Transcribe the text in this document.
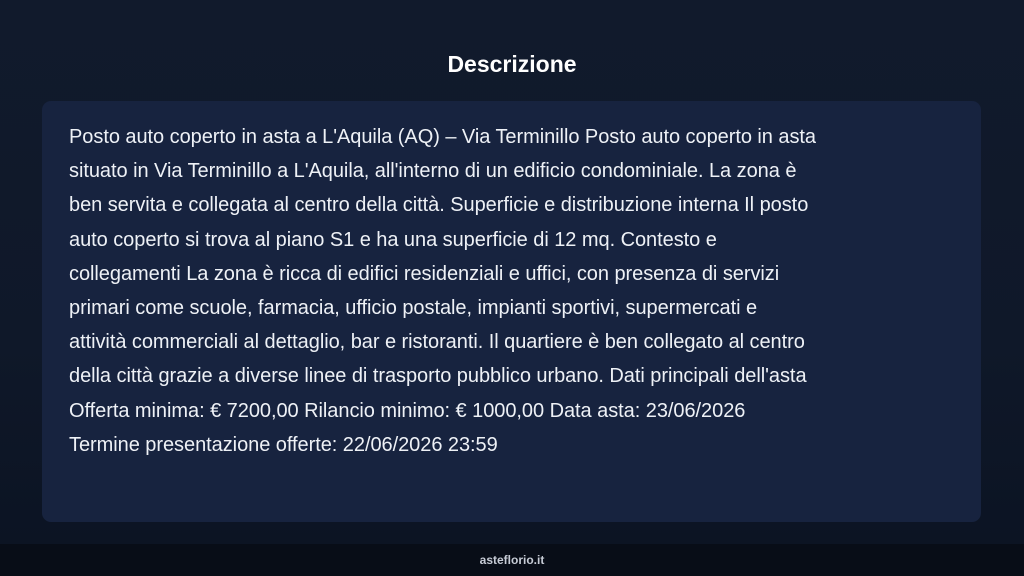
Descrizione

Posto auto coperto in asta a L'Aquila (AQ) – Via Terminillo Posto auto coperto in asta
situato in Via Terminillo a L'Aquila, all'interno di un edificio condominiale. La zona è
ben servita e collegata al centro della città. Superficie e distribuzione interna Il posto
auto coperto si trova al piano S1 e ha una superficie di 12 mq. Contesto e
collegamenti La zona è ricca di edifici residenziali e uffici, con presenza di servizi
primari come scuole, farmacia, ufficio postale, impianti sportivi, supermercati e
attività commerciali al dettaglio, bar e ristoranti. Il quartiere è ben collegato al centro
della città grazie a diverse linee di trasporto pubblico urbano. Dati principali dell'asta
Offerta minima: € 7200,00 Rilancio minimo: € 1000,00 Data asta: 23/06/2026
Termine presentazione offerte: 22/06/2026 23:59

asteflorio.it
